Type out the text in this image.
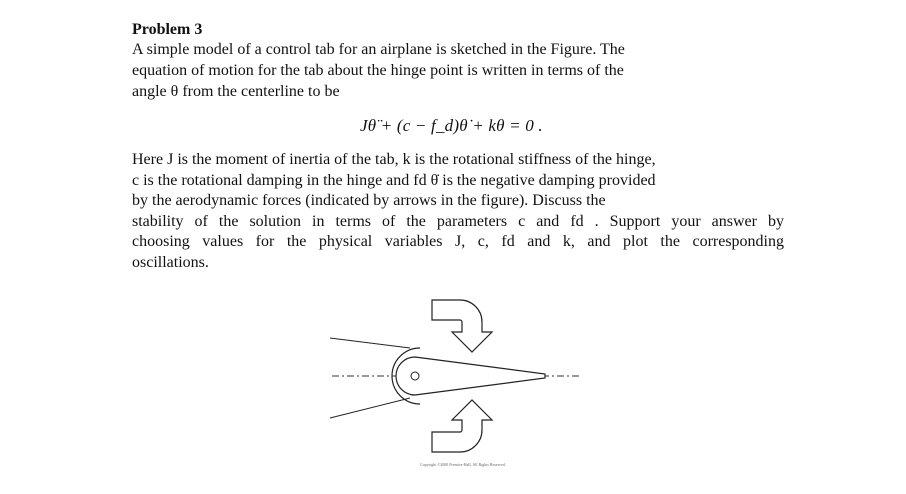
Problem 3

A simple model of a control tab for an airplane is sketched in the Figure. The
equation of motion for the tab about the hinge point is written in terms of the
angle θ from the centerline to be

Jθ̈ + (c − f_d)θ̇ + kθ = 0 .
Here J is the moment of inertia of the tab, k is the rotational stiffness of the hinge,
c is the rotational damping in the hinge and fd θ̇ is the negative damping provided
by the aerodynamic forces (indicated by arrows in the figure). Discuss the
stability of the solution in terms of the parameters c and fd . Support your answer by
choosing values for the physical variables J, c, fd and k, and plot the corresponding
oscillations.
Copyright ©2000 Prentice-Hall, All Rights Reserved.
